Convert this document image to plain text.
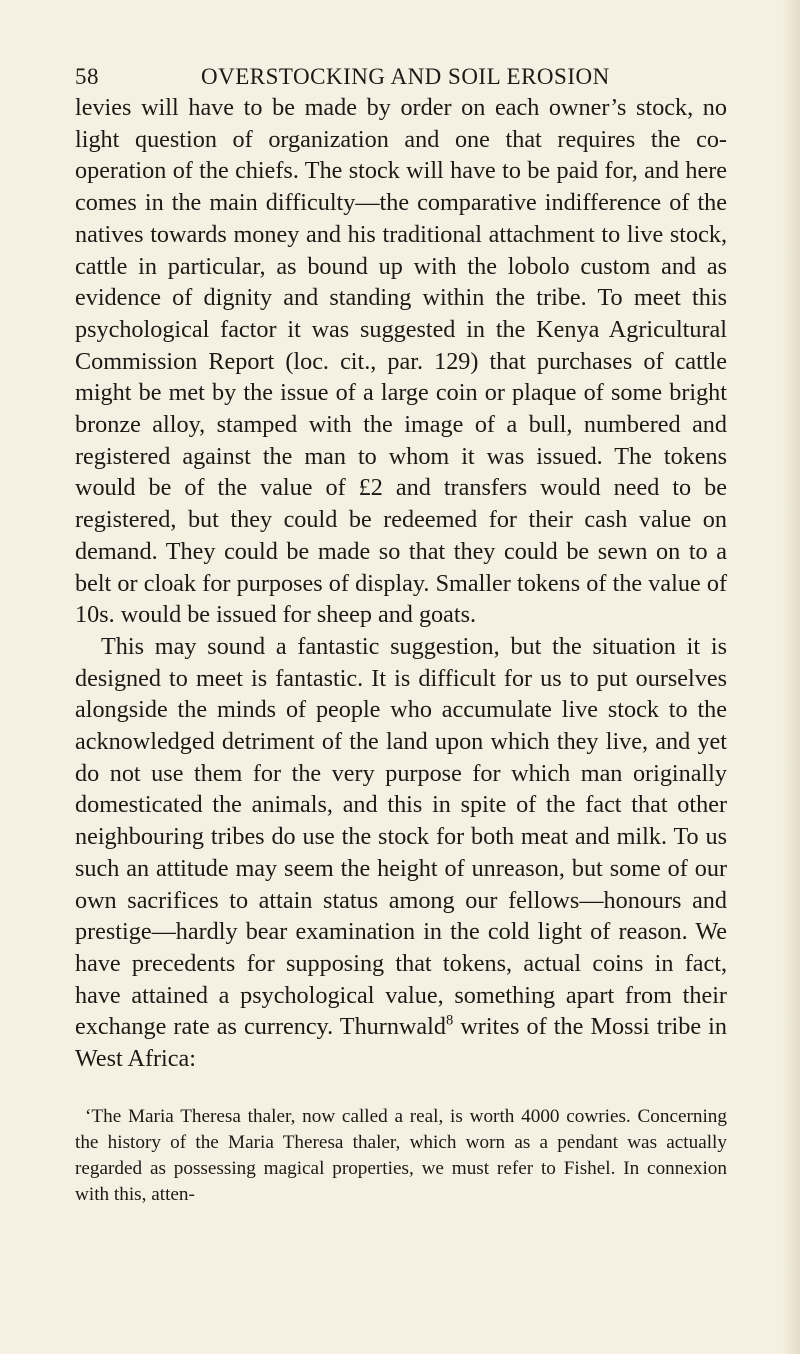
58	OVERSTOCKING AND SOIL EROSION

levies will have to be made by order on each owner’s stock, no light question of organization and one that requires the co-operation of the chiefs. The stock will have to be paid for, and here comes in the main difficulty—the comparative indifference of the natives towards money and his traditional attachment to live stock, cattle in particular, as bound up with the lobolo custom and as evidence of dignity and standing within the tribe. To meet this psychological factor it was suggested in the Kenya Agricultural Commission Report (loc. cit., par. 129) that purchases of cattle might be met by the issue of a large coin or plaque of some bright bronze alloy, stamped with the image of a bull, numbered and registered against the man to whom it was issued. The tokens would be of the value of £2 and transfers would need to be registered, but they could be redeemed for their cash value on demand. They could be made so that they could be sewn on to a belt or cloak for purposes of display. Smaller tokens of the value of 10s. would be issued for sheep and goats.

This may sound a fantastic suggestion, but the situation it is designed to meet is fantastic. It is difficult for us to put ourselves alongside the minds of people who accumulate live stock to the acknowledged detriment of the land upon which they live, and yet do not use them for the very purpose for which man originally domesticated the animals, and this in spite of the fact that other neighbouring tribes do use the stock for both meat and milk. To us such an attitude may seem the height of unreason, but some of our own sacrifices to attain status among our fellows—honours and prestige—hardly bear examination in the cold light of reason. We have precedents for supposing that tokens, actual coins in fact, have attained a psychological value, something apart from their exchange rate as currency. Thurnwald$^8$ writes of the Mossi tribe in West Africa:

‘The Maria Theresa thaler, now called a real, is worth 4000 cowries. Concerning the history of the Maria Theresa thaler, which worn as a pendant was actually regarded as possessing magical properties, we must refer to Fishel. In connexion with this, atten-
